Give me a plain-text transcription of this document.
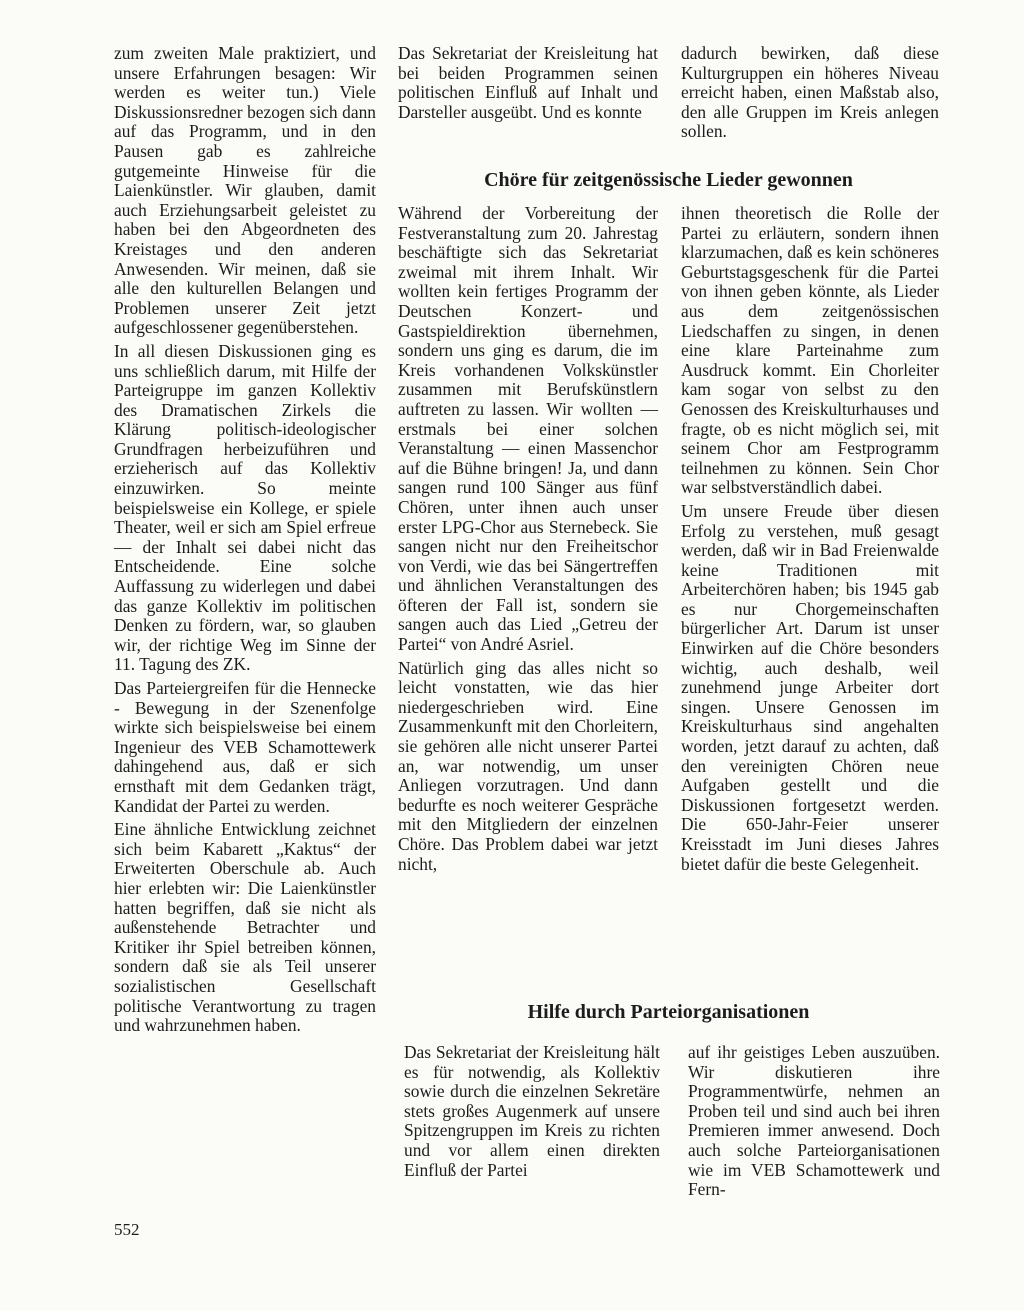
zum zweiten Male praktiziert, und unsere Erfahrungen besagen: Wir werden es weiter tun.) Viele Diskussionsredner bezogen sich dann auf das Programm, und in den Pausen gab es zahlreiche gutgemeinte Hinweise für die Laienkünstler. Wir glauben, damit auch Erziehungsarbeit geleistet zu haben bei den Abgeordneten des Kreistages und den anderen Anwesenden. Wir meinen, daß sie alle den kulturellen Belangen und Problemen unserer Zeit jetzt aufgeschlossener gegenüberstehen.

In all diesen Diskussionen ging es uns schließlich darum, mit Hilfe der Parteigruppe im ganzen Kollektiv des Dramatischen Zirkels die Klärung politisch-ideologischer Grundfragen herbeizuführen und erzieherisch auf das Kollektiv einzuwirken. So meinte beispielsweise ein Kollege, er spiele Theater, weil er sich am Spiel erfreue — der Inhalt sei dabei nicht das Entscheidende. Eine solche Auffassung zu widerlegen und dabei das ganze Kollektiv im politischen Denken zu fördern, war, so glauben wir, der richtige Weg im Sinne der 11. Tagung des ZK.

Das Parteiergreifen für die Hennecke - Bewegung in der Szenenfolge wirkte sich beispielsweise bei einem Ingenieur des VEB Schamottewerk dahingehend aus, daß er sich ernsthaft mit dem Gedanken trägt, Kandidat der Partei zu werden.

Eine ähnliche Entwicklung zeichnet sich beim Kabarett „Kaktus“ der Erweiterten Oberschule ab. Auch hier erlebten wir: Die Laienkünstler hatten begriffen, daß sie nicht als außenstehende Betrachter und Kritiker ihr Spiel betreiben können, sondern daß sie als Teil unserer sozialistischen Gesellschaft politische Verantwortung zu tragen und wahrzunehmen haben.

Das Sekretariat der Kreisleitung hat bei beiden Programmen seinen politischen Einfluß auf Inhalt und Darsteller ausgeübt. Und es konnte

dadurch bewirken, daß diese Kulturgruppen ein höheres Niveau erreicht haben, einen Maßstab also, den alle Gruppen im Kreis anlegen sollen.

Chöre für zeitgenössische Lieder gewonnen

Während der Vorbereitung der Festveranstaltung zum 20. Jahrestag beschäftigte sich das Sekretariat zweimal mit ihrem Inhalt. Wir wollten kein fertiges Programm der Deutschen Konzert- und Gastspieldirektion übernehmen, sondern uns ging es darum, die im Kreis vorhandenen Volkskünstler zusammen mit Berufskünstlern auftreten zu lassen. Wir wollten — erstmals bei einer solchen Veranstaltung — einen Massenchor auf die Bühne bringen! Ja, und dann sangen rund 100 Sänger aus fünf Chören, unter ihnen auch unser erster LPG-Chor aus Sternebeck. Sie sangen nicht nur den Freiheitschor von Verdi, wie das bei Sängertreffen und ähnlichen Veranstaltungen des öfteren der Fall ist, sondern sie sangen auch das Lied „Getreu der Partei“ von André Asriel.

Natürlich ging das alles nicht so leicht vonstatten, wie das hier niedergeschrieben wird. Eine Zusammenkunft mit den Chorleitern, sie gehören alle nicht unserer Partei an, war notwendig, um unser Anliegen vorzutragen. Und dann bedurfte es noch weiterer Gespräche mit den Mitgliedern der einzelnen Chöre. Das Problem dabei war jetzt nicht,

ihnen theoretisch die Rolle der Partei zu erläutern, sondern ihnen klarzumachen, daß es kein schöneres Geburtstagsgeschenk für die Partei von ihnen geben könnte, als Lieder aus dem zeitgenössischen Liedschaffen zu singen, in denen eine klare Parteinahme zum Ausdruck kommt. Ein Chorleiter kam sogar von selbst zu den Genossen des Kreiskulturhauses und fragte, ob es nicht möglich sei, mit seinem Chor am Festprogramm teilnehmen zu können. Sein Chor war selbstverständlich dabei.

Um unsere Freude über diesen Erfolg zu verstehen, muß gesagt werden, daß wir in Bad Freienwalde keine Traditionen mit Arbeiterchören haben; bis 1945 gab es nur Chorgemeinschaften bürgerlicher Art. Darum ist unser Einwirken auf die Chöre besonders wichtig, auch deshalb, weil zunehmend junge Arbeiter dort singen. Unsere Genossen im Kreiskulturhaus sind angehalten worden, jetzt darauf zu achten, daß den vereinigten Chören neue Aufgaben gestellt und die Diskussionen fortgesetzt werden. Die 650-Jahr-Feier unserer Kreisstadt im Juni dieses Jahres bietet dafür die beste Gelegenheit.

Hilfe durch Parteiorganisationen

Das Sekretariat der Kreisleitung hält es für notwendig, als Kollektiv sowie durch die einzelnen Sekretäre stets großes Augenmerk auf unsere Spitzengruppen im Kreis zu richten und vor allem einen direkten Einfluß der Partei

auf ihr geistiges Leben auszuüben. Wir diskutieren ihre Programmentwürfe, nehmen an Proben teil und sind auch bei ihren Premieren immer anwesend. Doch auch solche Parteiorganisationen wie im VEB Schamottewerk und Fern-

552
